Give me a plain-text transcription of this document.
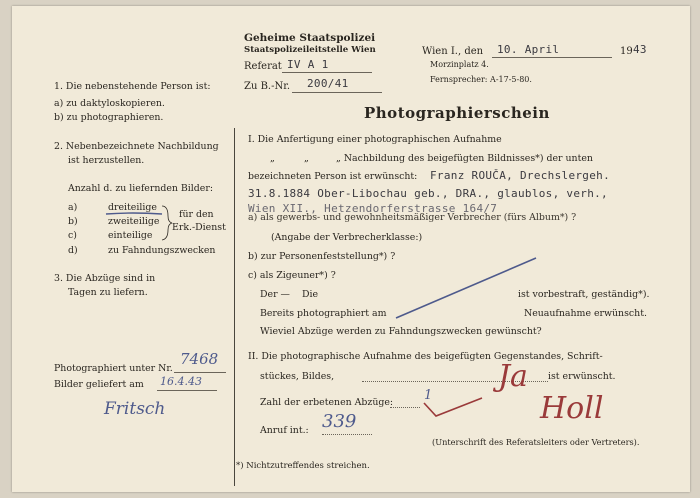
Geheime Staatspolizei
Staatspolizeileitstelle Wien
Referat IV A 1
Zu B.-Nr. 200/41
Wien I., den 10. April	19 43
Morzinplatz 4.
Fernsprecher: A-17-5-80.
1. Die nebenstehende Person ist:
a) zu daktyloskopieren.
b) zu photographieren.
2. Nebenbezeichnete Nachbildung
ist herzustellen.
Anzahl d. zu liefernden Bilder:
a)	dreiteilige
b)	zweiteilige
c)	einteilige
d)	zu Fahndungszwecken
für den
Erk.-Dienst
3. Die Abzüge sind in
Tagen zu liefern.
Photographiert unter Nr.
7468
Bilder geliefert am 16.4.43
Fritsch
Photographierschein
I. Die Anfertigung einer photographischen Aufnahme
„	„	„ Nachbildung des beigefügten Bildnisses*) der unten
bezeichneten Person ist erwünscht: Franz ROUČA, Drechslergeh.
31.8.1884 Ober-Libochau geb., DRA., glaublos, verh.,
Wien XII., Hetzendorferstrasse 164/7
a) als gewerbs- und gewohnheitsmäßiger Verbrecher (fürs Album*) ?
(Angabe der Verbrecherklasse:)
b) zur Personenfeststellung*) ?
c) als Zigeuner*) ?
Der — Die	ist vorbestraft, geständig*).
Bereits photographiert am	Neuaufnahme erwünscht.
Wieviel Abzüge werden zu Fahndungszwecken gewünscht?
II. Die photographische Aufnahme des beigefügten Gegenstandes, Schrift-
stückes, Bildes,	ist erwünscht.
Zahl der erbetenen Abzüge: 1
Anruf int.: 339
(Unterschrift des Referatsleiters oder Vertreters).
*) Nichtzutreffendes streichen.
Ja
Holl
